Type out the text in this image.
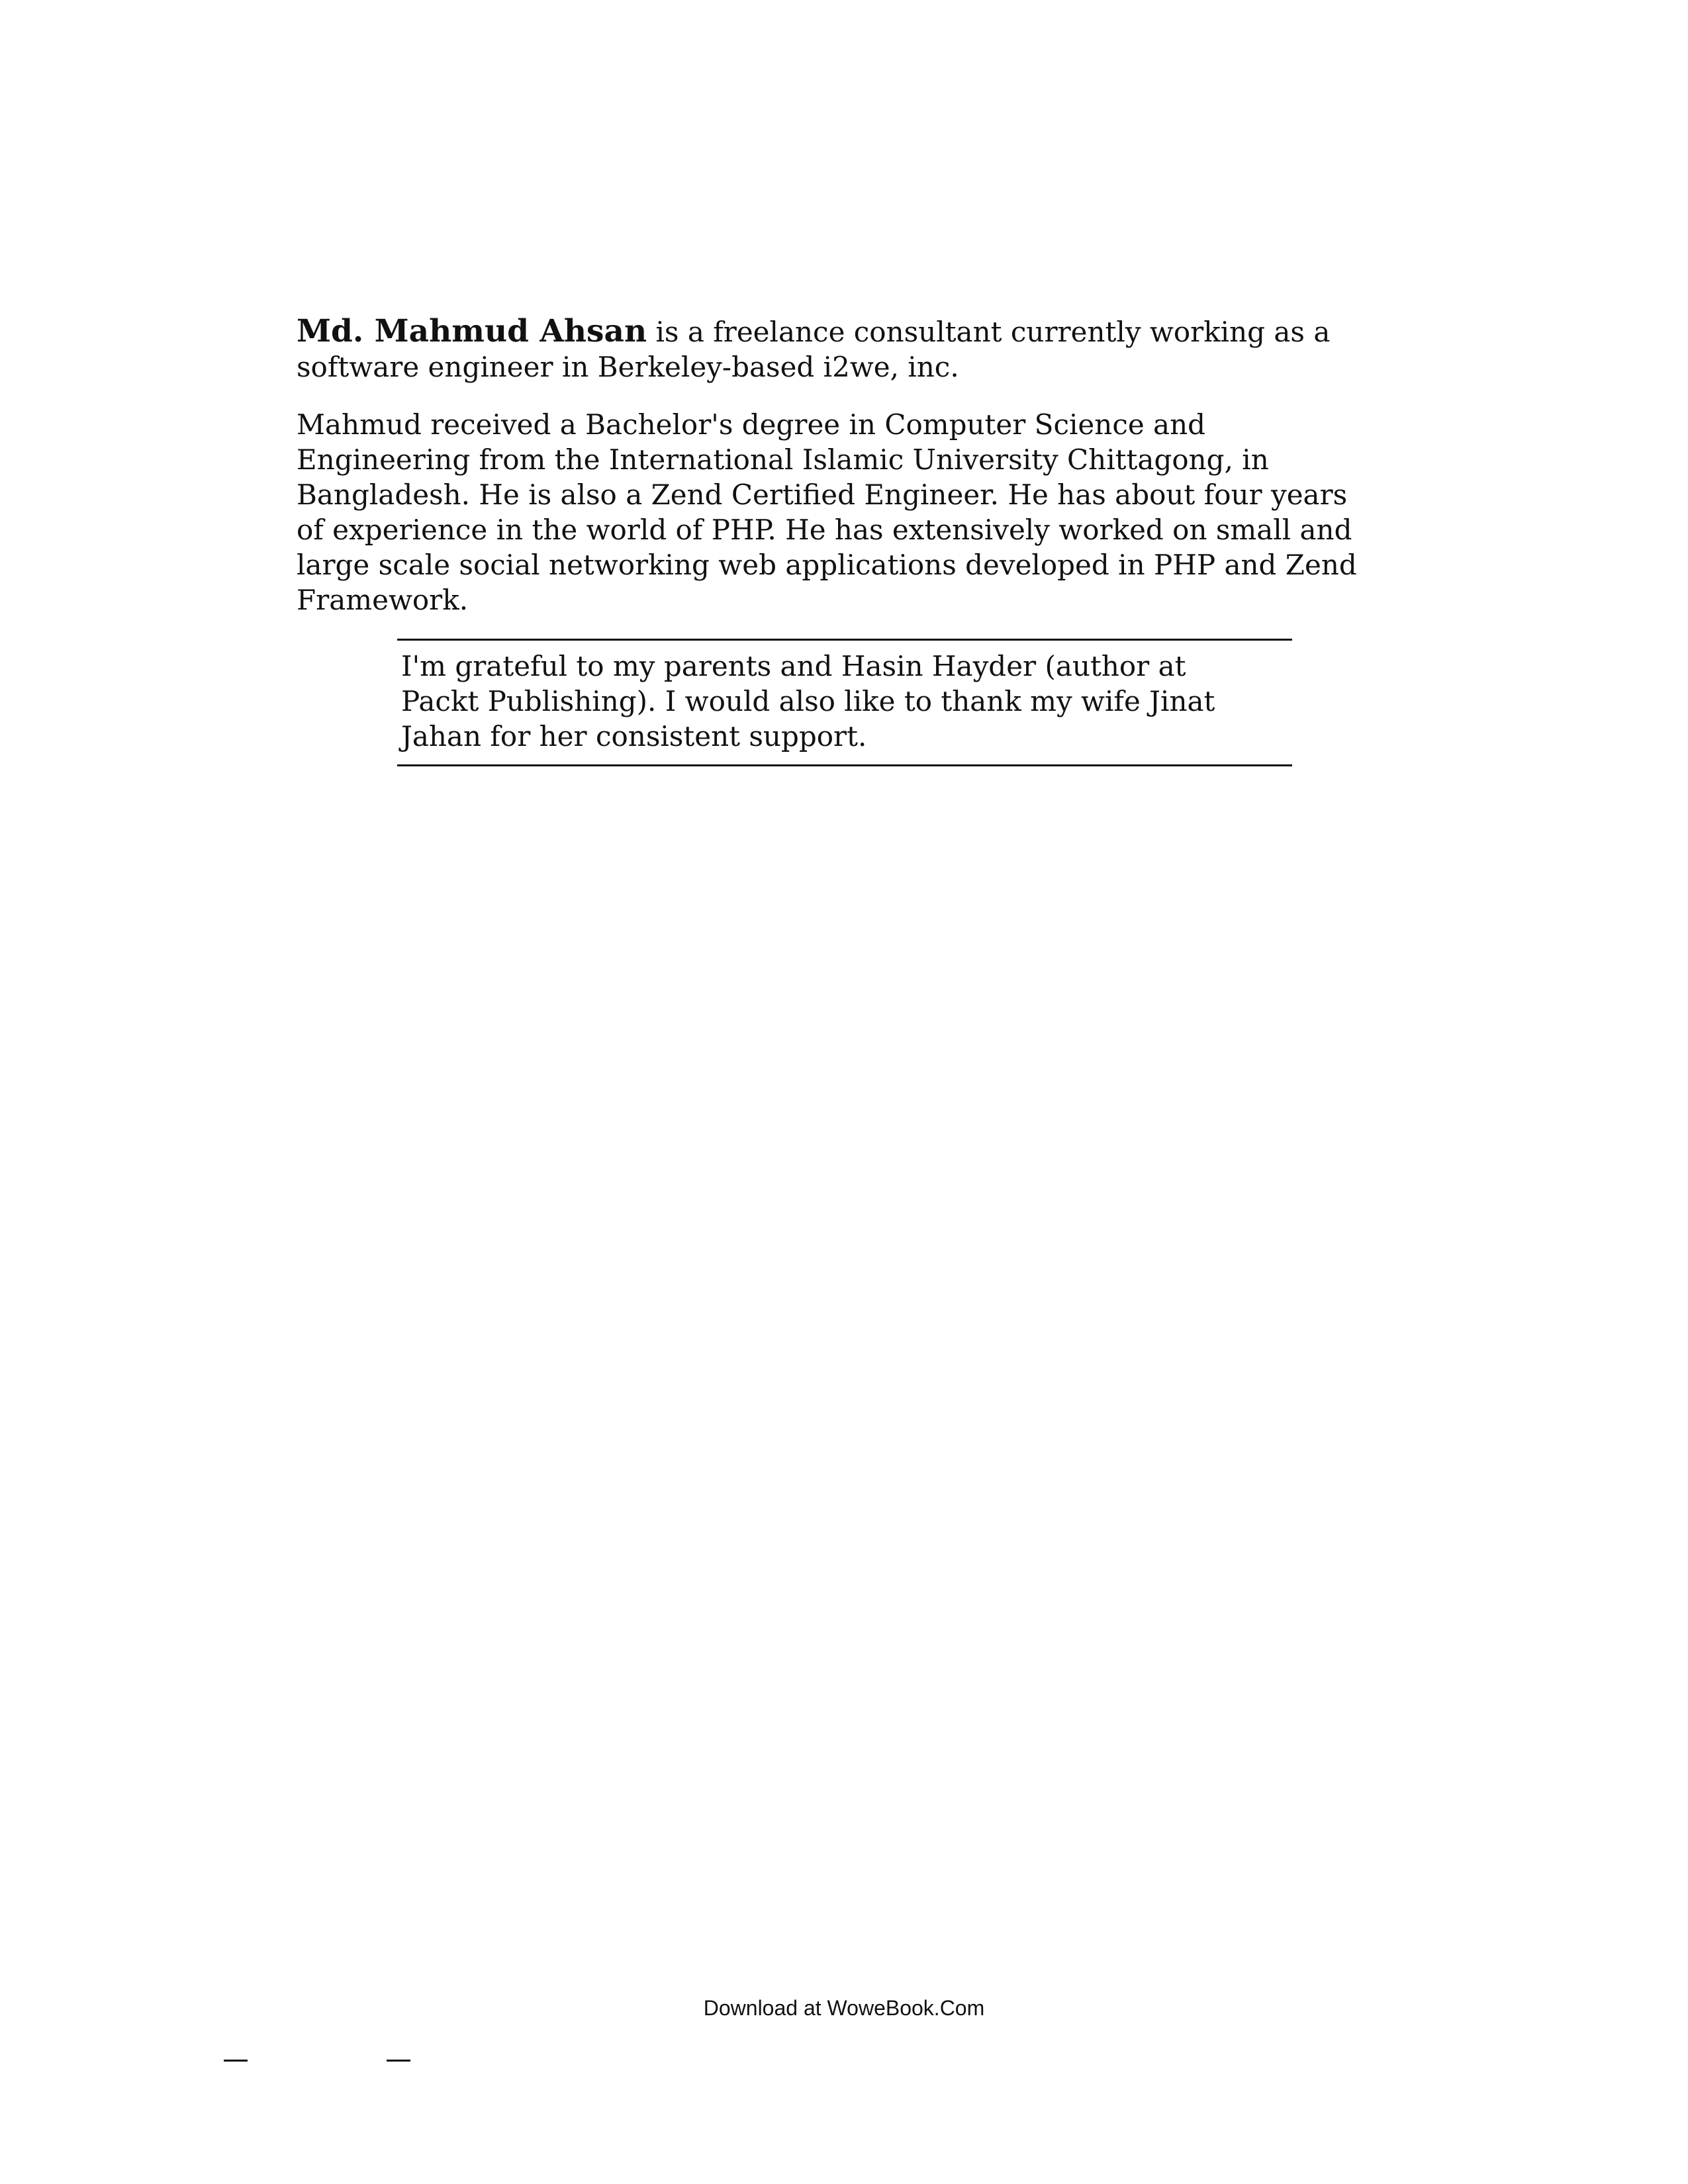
Md. Mahmud Ahsan is a freelance consultant currently working as a software engineer in Berkeley-based i2we, inc.

Mahmud received a Bachelor's degree in Computer Science and Engineering from the International Islamic University Chittagong, in Bangladesh. He is also a Zend Certified Engineer. He has about four years of experience in the world of PHP. He has extensively worked on small and large scale social networking web applications developed in PHP and Zend Framework.

I'm grateful to my parents and Hasin Hayder (author at Packt Publishing). I would also like to thank my wife Jinat Jahan for her consistent support.

Download at WoweBook.Com
